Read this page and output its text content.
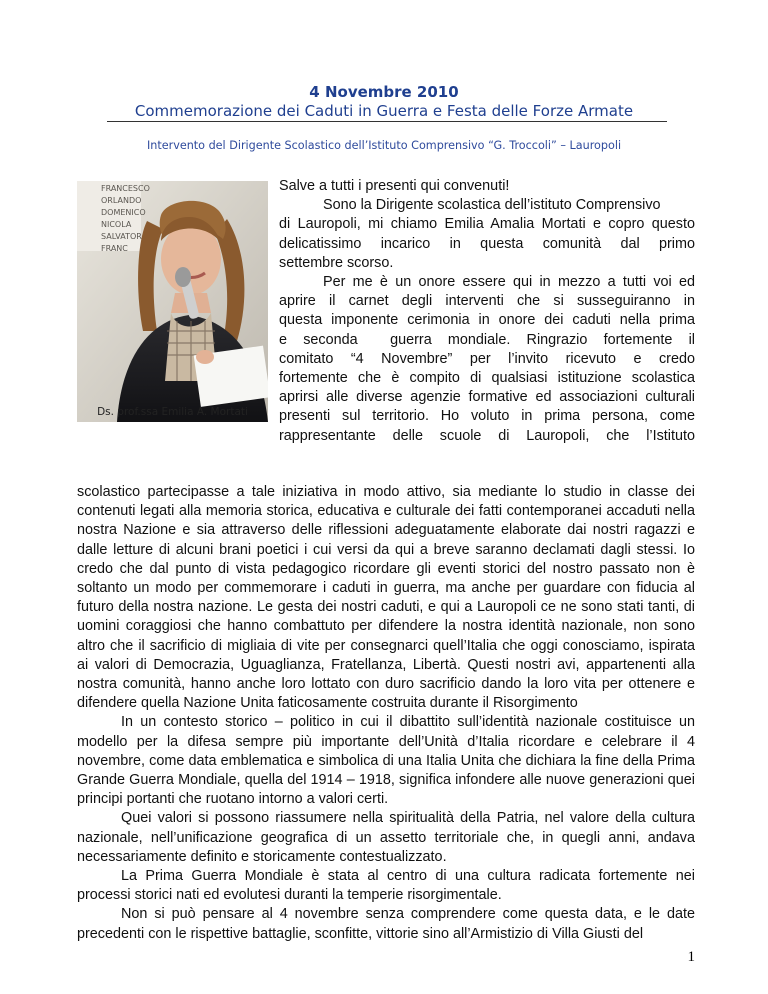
4 Novembre 2010
Commemorazione dei Caduti in Guerra e Festa delle Forze Armate
Intervento del Dirigente Scolastico dell’Istituto Comprensivo “G. Troccoli” – Lauropoli
FRANCESCO
ORLANDO
DOMENICO
NICOLA
SALVATOR
FRANC
Ds. prof.ssa Emilia A. Mortati

Salve a tutti i presenti qui convenuti!

Sono la Dirigente scolastica dell’istituto Comprensivo

di Lauropoli, mi chiamo Emilia Amalia Mortati e copro questo

delicatissimo incarico in questa comunità dal primo

settembre scorso.

Per me è un onore essere qui in mezzo a tutti voi ed

aprire il carnet degli interventi che si susseguiranno in

questa imponente cerimonia in onore dei caduti nella prima

e seconda  guerra mondiale. Ringrazio fortemente il

comitato “4 Novembre” per l’invito ricevuto e credo

fortemente che è compito di qualsiasi istituzione scolastica

aprirsi alle diverse agenzie formative ed associazioni culturali

presenti sul territorio. Ho voluto in prima persona, come

rappresentante delle scuole di Lauropoli, che l’Istituto

scolastico partecipasse a tale iniziativa in modo attivo, sia mediante lo studio in classe dei contenuti legati alla memoria storica, educativa e culturale dei fatti contemporanei accaduti nella nostra Nazione e sia attraverso delle riflessioni adeguatamente elaborate dai nostri ragazzi e dalle letture di alcuni brani poetici i cui versi da qui a breve saranno declamati dagli stessi. Io credo che dal punto di vista pedagogico ricordare gli eventi storici del nostro passato non è soltanto un modo per commemorare i caduti in guerra, ma anche per guardare con fiducia al futuro della nostra nazione. Le gesta dei nostri caduti, e qui a Lauropoli ce ne sono stati tanti, di uomini coraggiosi che hanno combattuto per difendere la nostra identità nazionale, non sono altro che il sacrificio di migliaia di vite per consegnarci quell’Italia che oggi conosciamo, ispirata ai valori di Democrazia, Uguaglianza, Fratellanza, Libertà. Questi nostri avi, appartenenti alla nostra comunità, hanno anche loro lottato con duro sacrificio dando la loro vita per ottenere e difendere quella Nazione Unita faticosamente costruita durante il Risorgimento

In un contesto storico – politico in cui il dibattito sull’identità nazionale costituisce un modello per la difesa sempre più importante dell’Unità d’Italia ricordare e celebrare il 4 novembre, come data emblematica e simbolica di una Italia Unita che dichiara la fine della Prima Grande Guerra Mondiale, quella del 1914 – 1918, significa infondere alle nuove generazioni quei principi portanti che ruotano intorno a valori certi.

Quei valori si possono riassumere nella spiritualità della Patria, nel valore della cultura nazionale, nell’unificazione geografica di un assetto territoriale che, in quegli anni, andava necessariamente definito e storicamente contestualizzato.

La Prima Guerra Mondiale è stata al centro di una cultura radicata fortemente nei processi storici nati ed evolutesi duranti la temperie risorgimentale.

Non si può pensare al 4 novembre senza comprendere come questa data, e le date precedenti con le rispettive battaglie, sconfitte, vittorie sino all’Armistizio di Villa Giusti del

1
